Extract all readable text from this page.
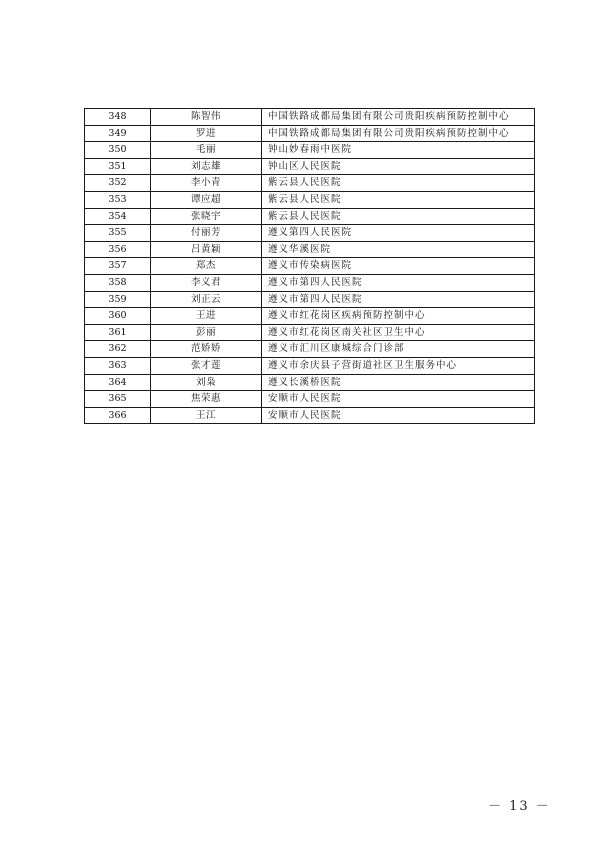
348	陈智伟	中国铁路成都局集团有限公司贵阳疾病预防控制中心
349	罗进	中国铁路成都局集团有限公司贵阳疾病预防控制中心
350	毛丽	钟山妙春雨中医院
351	刘志雄	钟山区人民医院
352	李小青	紫云县人民医院
353	谭应超	紫云县人民医院
354	张晓宇	紫云县人民医院
355	付丽芳	遵义第四人民医院
356	吕黄颖	遵义华溪医院
357	郑杰	遵义市传染病医院
358	李义君	遵义市第四人民医院
359	刘正云	遵义市第四人民医院
360	王进	遵义市红花岗区疾病预防控制中心
361	彭丽	遵义市红花岗区南关社区卫生中心
362	范娇娇	遵义市汇川区康城综合门诊部
363	张才莲	遵义市余庆县子营街道社区卫生服务中心
364	刘枭	遵义长溪桥医院
365	焦荣惠	安顺市人民医院
366	王江	安顺市人民医院
－ 13 －
